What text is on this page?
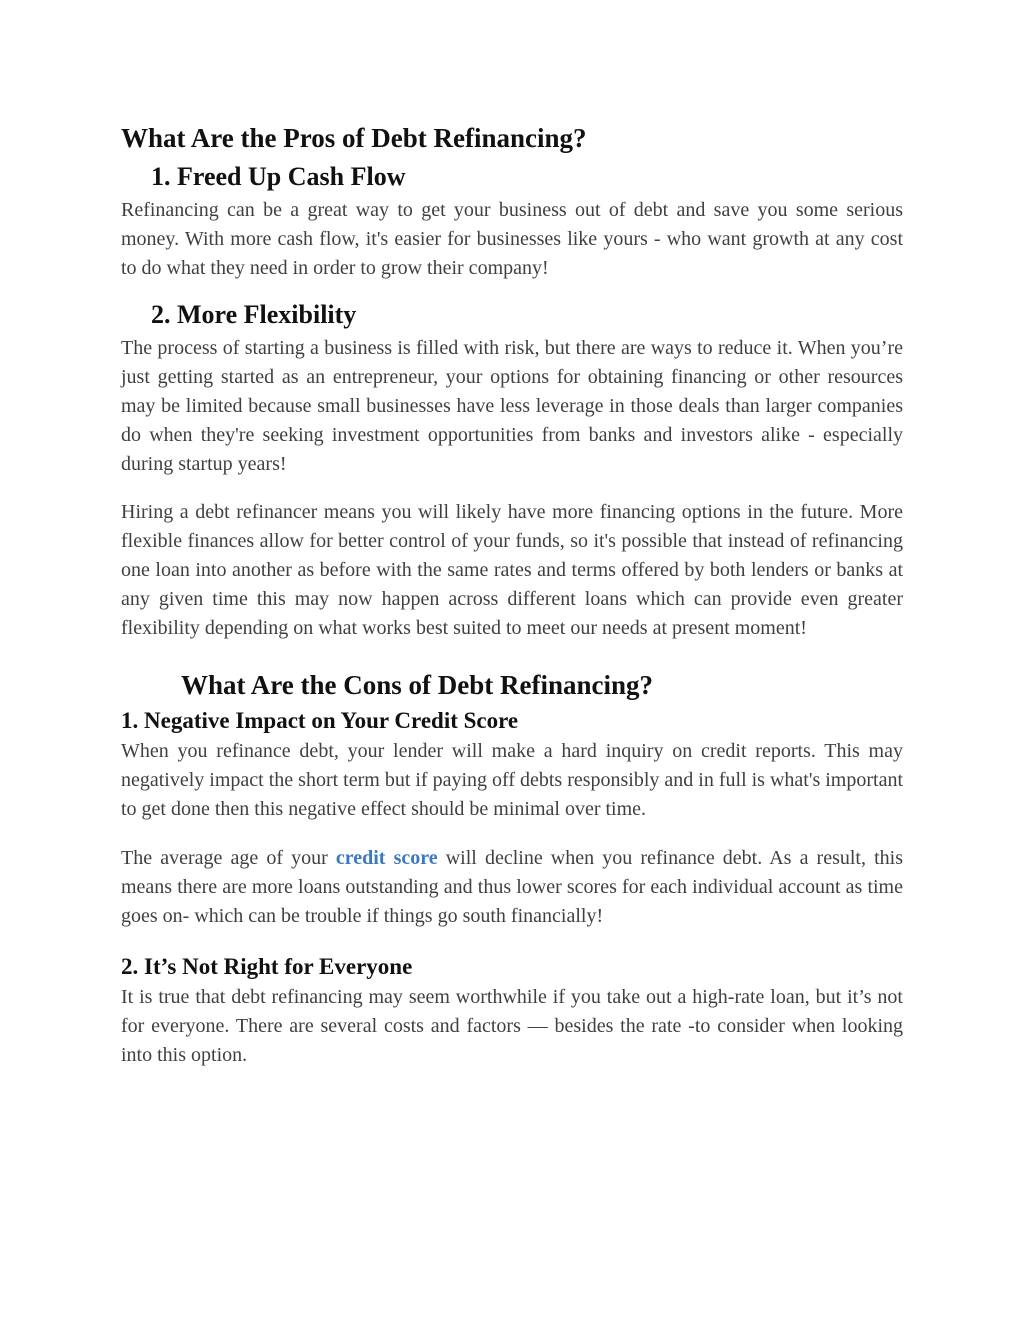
What Are the Pros of Debt Refinancing?
1. Freed Up Cash Flow

Refinancing can be a great way to get your business out of debt and save you some serious money. With more cash flow, it's easier for businesses like yours - who want growth at any cost to do what they need in order to grow their company!

2. More Flexibility

The process of starting a business is filled with risk, but there are ways to reduce it. When you’re just getting started as an entrepreneur, your options for obtaining financing or other resources may be limited because small businesses have less leverage in those deals than larger companies do when they're seeking investment opportunities from banks and investors alike - especially during startup years!

Hiring a debt refinancer means you will likely have more financing options in the future. More flexible finances allow for better control of your funds, so it's possible that instead of refinancing one loan into another as before with the same rates and terms offered by both lenders or banks at any given time this may now happen across different loans which can provide even greater flexibility depending on what works best suited to meet our needs at present moment!

What Are the Cons of Debt Refinancing?
1. Negative Impact on Your Credit Score

When you refinance debt, your lender will make a hard inquiry on credit reports. This may negatively impact the short term but if paying off debts responsibly and in full is what's important to get done then this negative effect should be minimal over time.

The average age of your credit score will decline when you refinance debt. As a result, this means there are more loans outstanding and thus lower scores for each individual account as time goes on- which can be trouble if things go south financially!

2. It’s Not Right for Everyone

It is true that debt refinancing may seem worthwhile if you take out a high-rate loan, but it’s not for everyone. There are several costs and factors — besides the rate -to consider when looking into this option.
